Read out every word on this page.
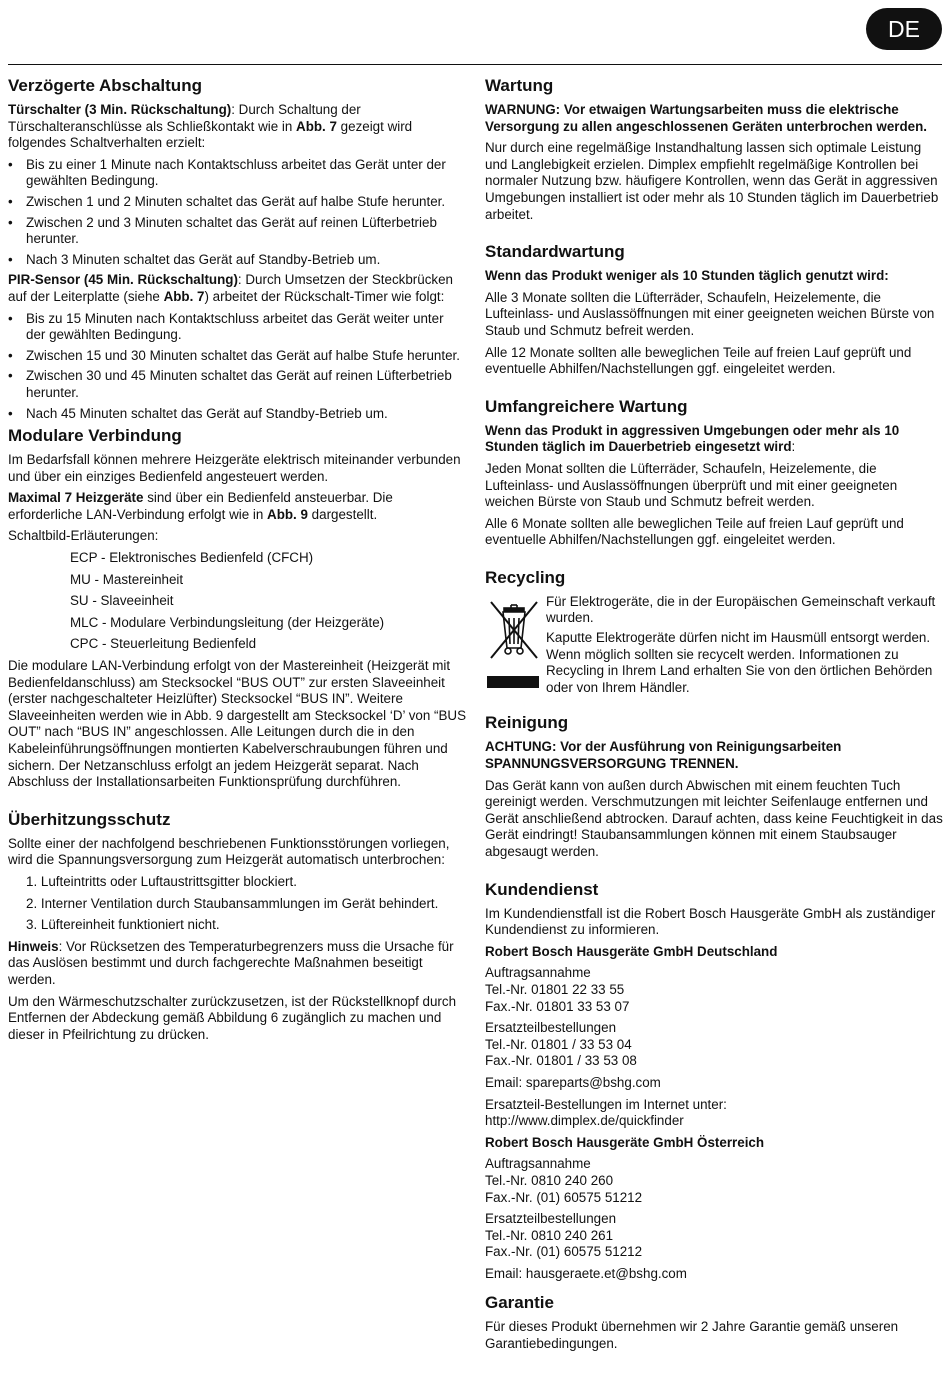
DE
Verzögerte Abschaltung

Türschalter (3 Min. Rückschaltung): Durch Schaltung der Türschalteranschlüsse als Schließkontakt wie in Abb. 7 gezeigt wird folgendes Schaltverhalten erzielt:

• Bis zu einer 1 Minute nach Kontaktschluss arbeitet das Gerät unter der gewählten Bedingung.
• Zwischen 1 und 2 Minuten schaltet das Gerät auf halbe Stufe herunter.
• Zwischen 2 und 3 Minuten schaltet das Gerät auf reinen Lüfterbetrieb herunter.
• Nach 3 Minuten schaltet das Gerät auf Standby-Betrieb um.

PIR-Sensor (45 Min. Rückschaltung): Durch Umsetzen der Steckbrücken auf der Leiterplatte (siehe Abb. 7) arbeitet der Rückschalt-Timer wie folgt:

• Bis zu 15 Minuten nach Kontaktschluss arbeitet das Gerät weiter unter der gewählten Bedingung.
• Zwischen 15 und 30 Minuten schaltet das Gerät auf halbe Stufe herunter.
• Zwischen 30 und 45 Minuten schaltet das Gerät auf reinen Lüfterbetrieb herunter.
• Nach 45 Minuten schaltet das Gerät auf Standby-Betrieb um.
Modulare Verbindung

Im Bedarfsfall können mehrere Heizgeräte elektrisch miteinander verbunden und über ein einziges Bedienfeld angesteuert werden.

Maximal 7 Heizgeräte sind über ein Bedienfeld ansteuerbar. Die erforderliche LAN-Verbindung erfolgt wie in Abb. 9 dargestellt.

Schaltbild-Erläuterungen:

ECP - Elektronisches Bedienfeld (CFCH)
MU - Mastereinheit
SU - Slaveeinheit
MLC - Modulare Verbindungsleitung (der Heizgeräte)
CPC - Steuerleitung Bedienfeld

Die modulare LAN-Verbindung erfolgt von der Mastereinheit (Heizgerät mit Bedienfeldanschluss) am Stecksockel “BUS OUT” zur ersten Slaveeinheit (erster nachgeschalteter Heizlüfter) Stecksockel “BUS IN”. Weitere Slaveeinheiten werden wie in Abb. 9 dargestellt am Stecksockel ‘D’ von “BUS OUT” nach “BUS IN” angeschlossen. Alle Leitungen durch die in den Kabeleinführungsöffnungen montierten Kabelverschraubungen führen und sichern. Der Netzanschluss erfolgt an jedem Heizgerät separat. Nach Abschluss der Installationsarbeiten Funktionsprüfung durchführen.

Überhitzungsschutz

Sollte einer der nachfolgend beschriebenen Funktionsstörungen vorliegen, wird die Spannungsversorgung zum Heizgerät automatisch unterbrochen:

1. Lufteintritts oder Luftaustrittsgitter blockiert.
2. Interner Ventilation durch Staubansammlungen im Gerät behindert.
3. Lüftereinheit funktioniert nicht.

Hinweis: Vor Rücksetzen des Temperaturbegrenzers muss die Ursache für das Auslösen bestimmt und durch fachgerechte Maßnahmen beseitigt werden.

Um den Wärmeschutzschalter zurückzusetzen, ist der Rückstellknopf durch Entfernen der Abdeckung gemäß Abbildung 6 zugänglich zu machen und dieser in Pfeilrichtung zu drücken.

Wartung

WARNUNG: Vor etwaigen Wartungsarbeiten muss die elektrische Versorgung zu allen angeschlossenen Geräten unterbrochen werden.

Nur durch eine regelmäßige Instandhaltung lassen sich optimale Leistung und Langlebigkeit erzielen. Dimplex empfiehlt regelmäßige Kontrollen bei normaler Nutzung bzw. häufigere Kontrollen, wenn das Gerät in aggressiven Umgebungen installiert ist oder mehr als 10 Stunden täglich im Dauerbetrieb arbeitet.

Standardwartung

Wenn das Produkt weniger als 10 Stunden täglich genutzt wird:

Alle 3 Monate sollten die Lüfterräder, Schaufeln, Heizelemente, die Lufteinlass- und Auslassöffnungen mit einer geeigneten weichen Bürste von Staub und Schmutz befreit werden.

Alle 12 Monate sollten alle beweglichen Teile auf freien Lauf geprüft und eventuelle Abhilfen/Nachstellungen ggf. eingeleitet werden.

Umfangreichere Wartung

Wenn das Produkt in aggressiven Umgebungen oder mehr als 10 Stunden täglich im Dauerbetrieb eingesetzt wird:

Jeden Monat sollten die Lüfterräder, Schaufeln, Heizelemente, die Lufteinlass- und Auslassöffnungen überprüft und mit einer geeigneten weichen Bürste von Staub und Schmutz befreit werden.

Alle 6 Monate sollten alle beweglichen Teile auf freien Lauf geprüft und eventuelle Abhilfen/Nachstellungen ggf. eingeleitet werden.

Recycling

Für Elektrogeräte, die in der Europäischen Gemeinschaft verkauft wurden.

Kaputte Elektrogeräte dürfen nicht im Hausmüll entsorgt werden. Wenn möglich sollten sie recycelt werden. Informationen zu Recycling in Ihrem Land erhalten Sie von den örtlichen Behörden oder von Ihrem Händler.

Reinigung

ACHTUNG: Vor der Ausführung von Reinigungsarbeiten SPANNUNGSVERSORGUNG TRENNEN.

Das Gerät kann von außen durch Abwischen mit einem feuchten Tuch gereinigt werden. Verschmutzungen mit leichter Seifenlauge entfernen und Gerät anschließend abtrocken. Darauf achten, dass keine Feuchtigkeit in das Gerät eindringt! Staubansammlungen können mit einem Staubsauger abgesaugt werden.

Kundendienst

Im Kundendienstfall ist die Robert Bosch Hausgeräte GmbH als zuständiger Kundendienst zu informieren.

Robert Bosch Hausgeräte GmbH Deutschland

Auftragsannahme
Tel.-Nr. 01801 22 33 55
Fax.-Nr. 01801 33 53 07

Ersatzteilbestellungen
Tel.-Nr. 01801 / 33 53 04
Fax.-Nr. 01801 / 33 53 08

Email: spareparts@bshg.com

Ersatzteil-Bestellungen im Internet unter:
http://www.dimplex.de/quickfinder

Robert Bosch Hausgeräte GmbH Österreich

Auftragsannahme
Tel.-Nr. 0810 240 260
Fax.-Nr. (01) 60575 51212

Ersatzteilbestellungen
Tel.-Nr. 0810 240 261
Fax.-Nr. (01) 60575 51212

Email: hausgeraete.et@bshg.com

Garantie

Für dieses Produkt übernehmen wir 2 Jahre Garantie gemäß unseren Garantiebedingungen.
